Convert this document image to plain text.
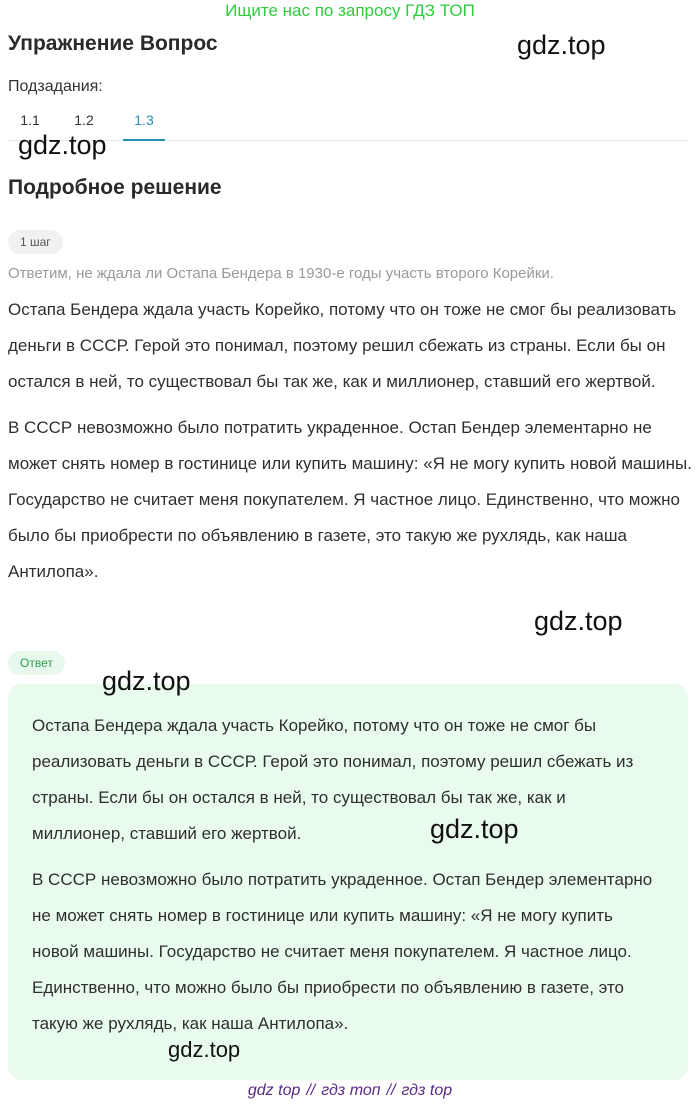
Ищите нас по запросу ГДЗ ТОП
Упражнение Вопрос	gdz.top
Подзадания:
1.1	1.2	1.3
gdz.top
Подробное решение
1 шаг
Ответим, не ждала ли Остапа Бендера в 1930-е годы участь второго Корейки.

Остапа Бендера ждала участь Корейко, потому что он тоже не смог бы реализовать деньги в СССР. Герой это понимал, поэтому решил сбежать из страны. Если бы он остался в ней, то существовал бы так же, как и миллионер, ставший его жертвой.

В СССР невозможно было потратить украденное. Остап Бендер элементарно не может снять номер в гостинице или купить машину: «Я не могу купить новой машины. Государство не считает меня покупателем. Я частное лицо. Единственно, что можно было бы приобрести по объявлению в газете, это такую же рухлядь, как наша Антилопа».

gdz.top
Ответ

Остапа Бендера ждала участь Корейко, потому что он тоже не смог бы реализовать деньги в СССР. Герой это понимал, поэтому решил сбежать из страны. Если бы он остался в ней, то существовал бы так же, как и миллионер, ставший его жертвой.

В СССР невозможно было потратить украденное. Остап Бендер элементарно не может снять номер в гостинице или купить машину: «Я не могу купить новой машины. Государство не считает меня покупателем. Я частное лицо. Единственно, что можно было бы приобрести по объявлению в газете, это такую же рухлядь, как наша Антилопа».

gdz.top
gdz.top
gdz.top
gdz top // гдз топ // гдз top
